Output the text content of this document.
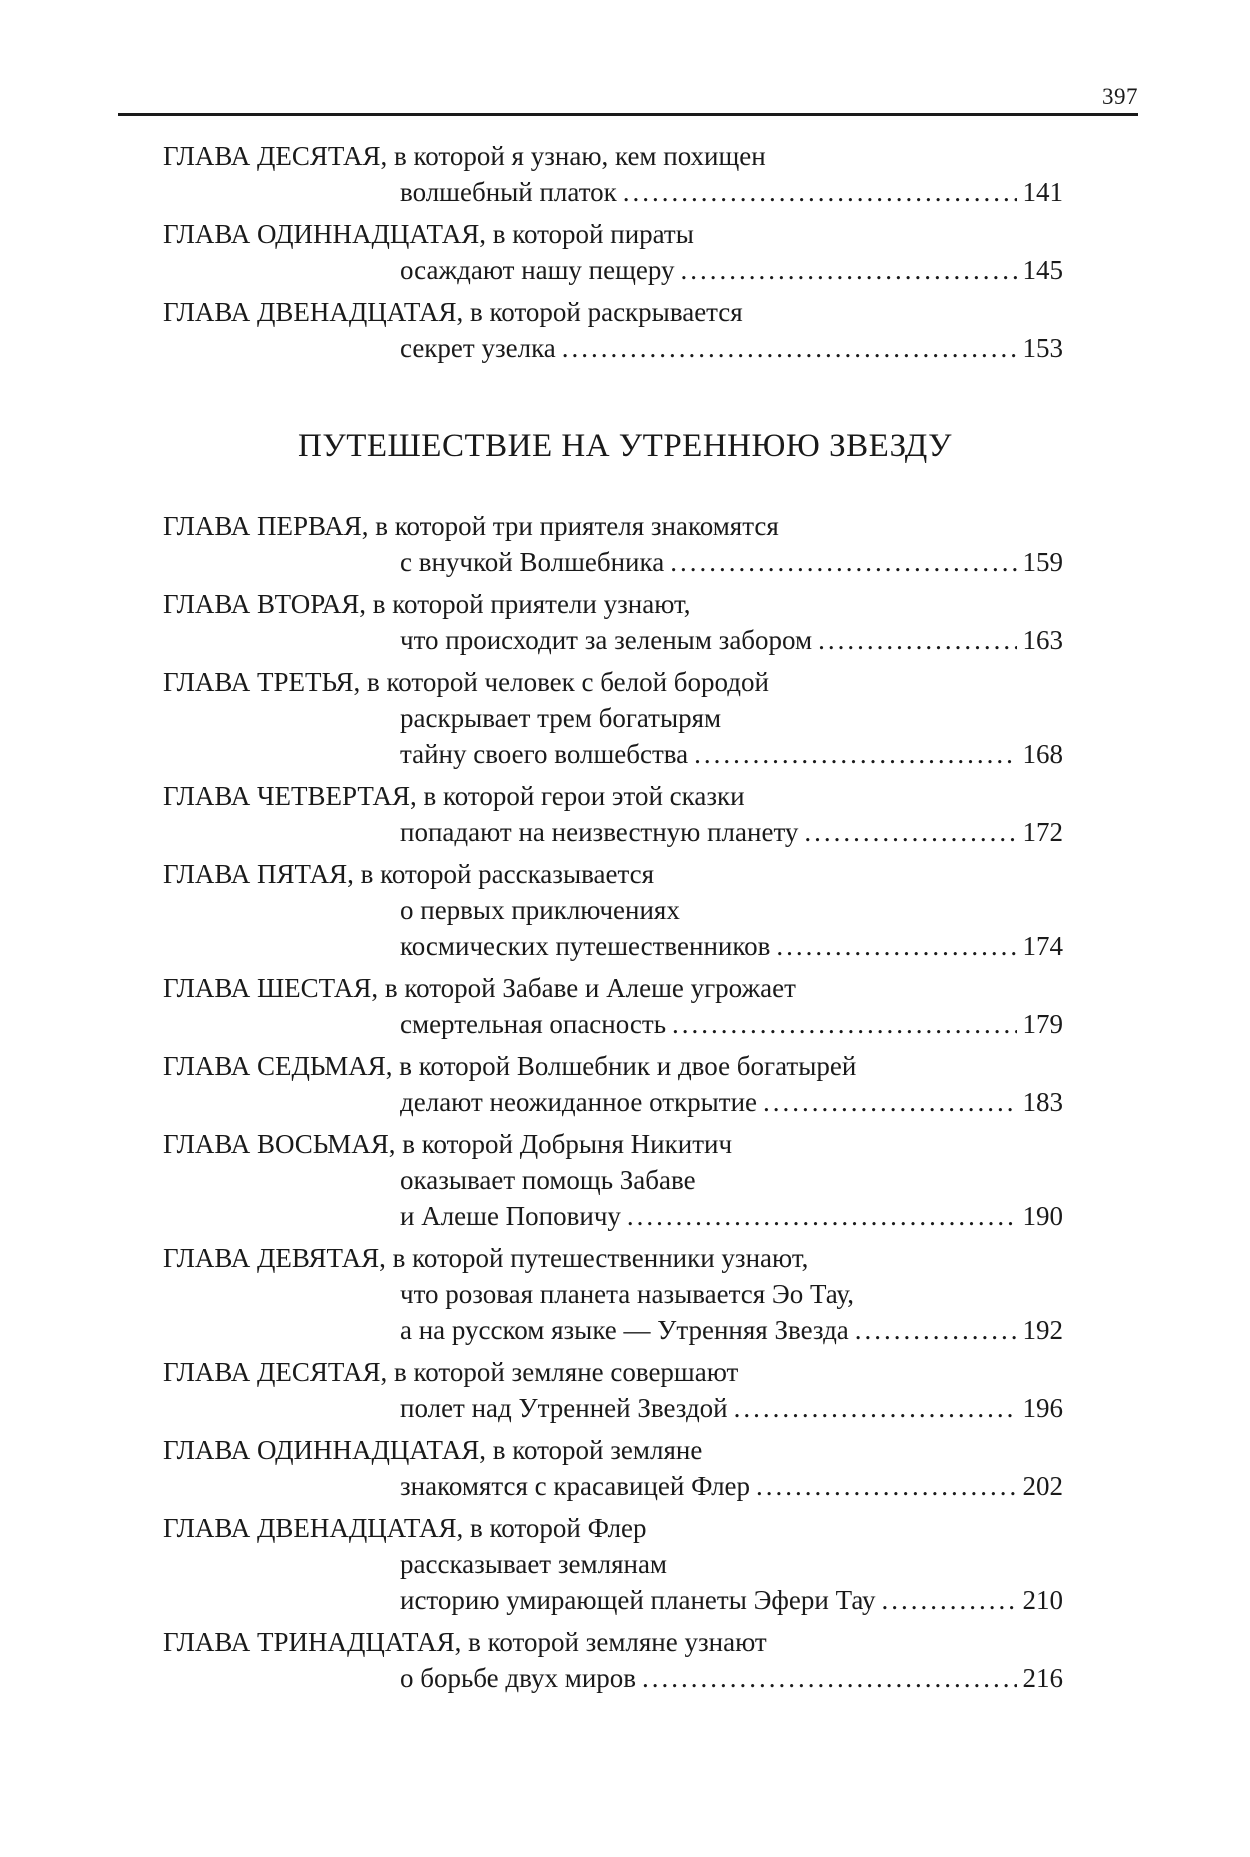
397
ГЛАВА ДЕСЯТАЯ, в которой я узнаю, кем похищен
волшебный платок .....	141
ГЛАВА ОДИННАДЦАТАЯ, в которой пираты
осаждают нашу пещеру .....	145
ГЛАВА ДВЕНАДЦАТАЯ, в которой раскрывается
секрет узелка .....	153
ПУТЕШЕСТВИЕ НА УТРЕННЮЮ ЗВЕЗДУ
ГЛАВА ПЕРВАЯ, в которой три приятеля знакомятся
с внучкой Волшебника .....	159
ГЛАВА ВТОРАЯ, в которой приятели узнают,
что происходит за зеленым забором .....	163
ГЛАВА ТРЕТЬЯ, в которой человек с белой бородой
раскрывает трем богатырям
тайну своего волшебства .....	168
ГЛАВА ЧЕТВЕРТАЯ, в которой герои этой сказки
попадают на неизвестную планету .....	172
ГЛАВА ПЯТАЯ, в которой рассказывается
о первых приключениях
космических путешественников .....	174
ГЛАВА ШЕСТАЯ, в которой Забаве и Алеше угрожает
смертельная опасность .....	179
ГЛАВА СЕДЬМАЯ, в которой Волшебник и двое богатырей
делают неожиданное открытие .....	183
ГЛАВА ВОСЬМАЯ, в которой Добрыня Никитич
оказывает помощь Забаве
и Алеше Поповичу .....	190
ГЛАВА ДЕВЯТАЯ, в которой путешественники узнают,
что розовая планета называется Эо Тау,
а на русском языке — Утренняя Звезда .....	192
ГЛАВА ДЕСЯТАЯ, в которой земляне совершают
полет над Утренней Звездой .....	196
ГЛАВА ОДИННАДЦАТАЯ, в которой земляне
знакомятся с красавицей Флер .....	202
ГЛАВА ДВЕНАДЦАТАЯ, в которой Флер
рассказывает землянам
историю умирающей планеты Эфери Тау .....	210
ГЛАВА ТРИНАДЦАТАЯ, в которой земляне узнают
о борьбе двух миров .....	216
